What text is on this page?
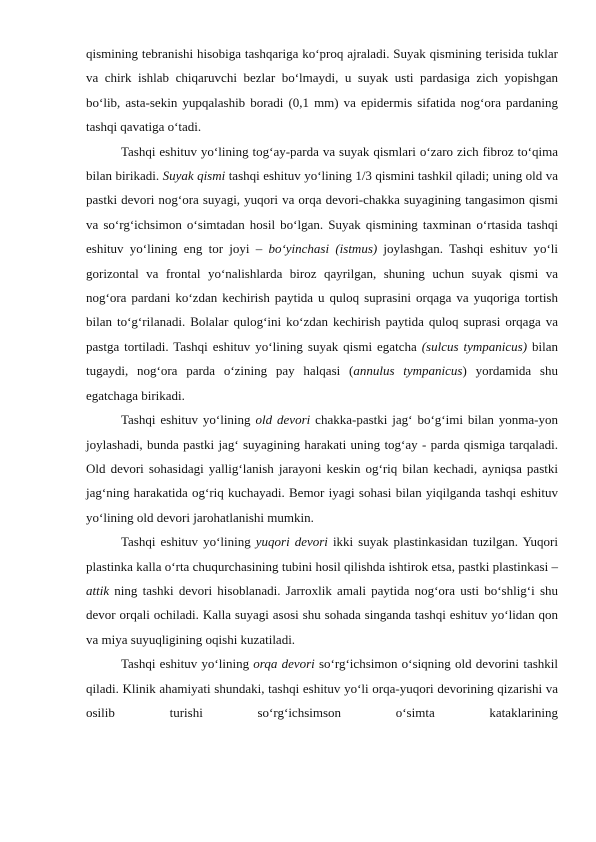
qismining tebranishi hisobiga tashqariga ko‘proq ajraladi. Suyak qismining terisida tuklar va chirk ishlab chiqaruvchi bezlar bo‘lmaydi, u suyak usti pardasiga zich yopishgan bo‘lib, asta-sekin yupqalashib boradi (0,1 mm) va epidermis sifatida nog‘ora pardaning tashqi qavatiga o‘tadi.

Tashqi eshituv yo‘lining tog‘ay-parda va suyak qismlari o‘zaro zich fibroz to‘qima bilan birikadi. Suyak qismi tashqi eshituv yo‘lining 1/3 qismini tashkil qiladi; uning old va pastki devori nog‘ora suyagi, yuqori va orqa devori-chakka suyagining tangasimon qismi va so‘rg‘ichsimon o‘simtadan hosil bo‘lgan. Suyak qismining taxminan o‘rtasida tashqi eshituv yo‘lining eng tor joyi – bo‘yinchasi (istmus) joylashgan. Tashqi eshituv yo‘li gorizontal va frontal yo‘nalishlarda biroz qayrilgan, shuning uchun suyak qismi va nog‘ora pardani ko‘zdan kechirish paytida u quloq suprasini orqaga va yuqoriga tortish bilan to‘g‘rilanadi. Bolalar qulog‘ini ko‘zdan kechirish paytida quloq suprasi orqaga va pastga tortiladi. Tashqi eshituv yo‘lining suyak qismi egatcha (sulcus tympanicus) bilan tugaydi, nog‘ora parda o‘zining pay halqasi (annulus tympanicus) yordamida shu egatchaga birikadi.

Tashqi eshituv yo‘lining old devori chakka-pastki jag‘ bo‘g‘imi bilan yonma-yon joylashadi, bunda pastki jag‘ suyagining harakati uning tog‘ay - parda qismiga tarqaladi. Old devori sohasidagi yallig‘lanish jarayoni keskin og‘riq bilan kechadi, ayniqsa pastki jag‘ning harakatida og‘riq kuchayadi. Bemor iyagi sohasi bilan yiqilganda tashqi eshituv yo‘lining old devori jarohatlanishi mumkin.

Tashqi eshituv yo‘lining yuqori devori ikki suyak plastinkasidan tuzilgan. Yuqori plastinka kalla o‘rta chuqurchasining tubini hosil qilishda ishtirok etsa, pastki plastinkasi – attik ning tashki devori hisoblanadi. Jarroxlik amali paytida nog‘ora usti bo‘shlig‘i shu devor orqali ochiladi. Kalla suyagi asosi shu sohada singanda tashqi eshituv yo‘lidan qon va miya suyuqligining oqishi kuzatiladi.

Tashqi eshituv yo‘lining orqa devori so‘rg‘ichsimon o‘siqning old devorini tashkil qiladi. Klinik ahamiyati shundaki, tashqi eshituv yo‘li orqa-yuqori devorining qizarishi va osilib turishi so‘rg‘ichsimson o‘simta kataklarining
